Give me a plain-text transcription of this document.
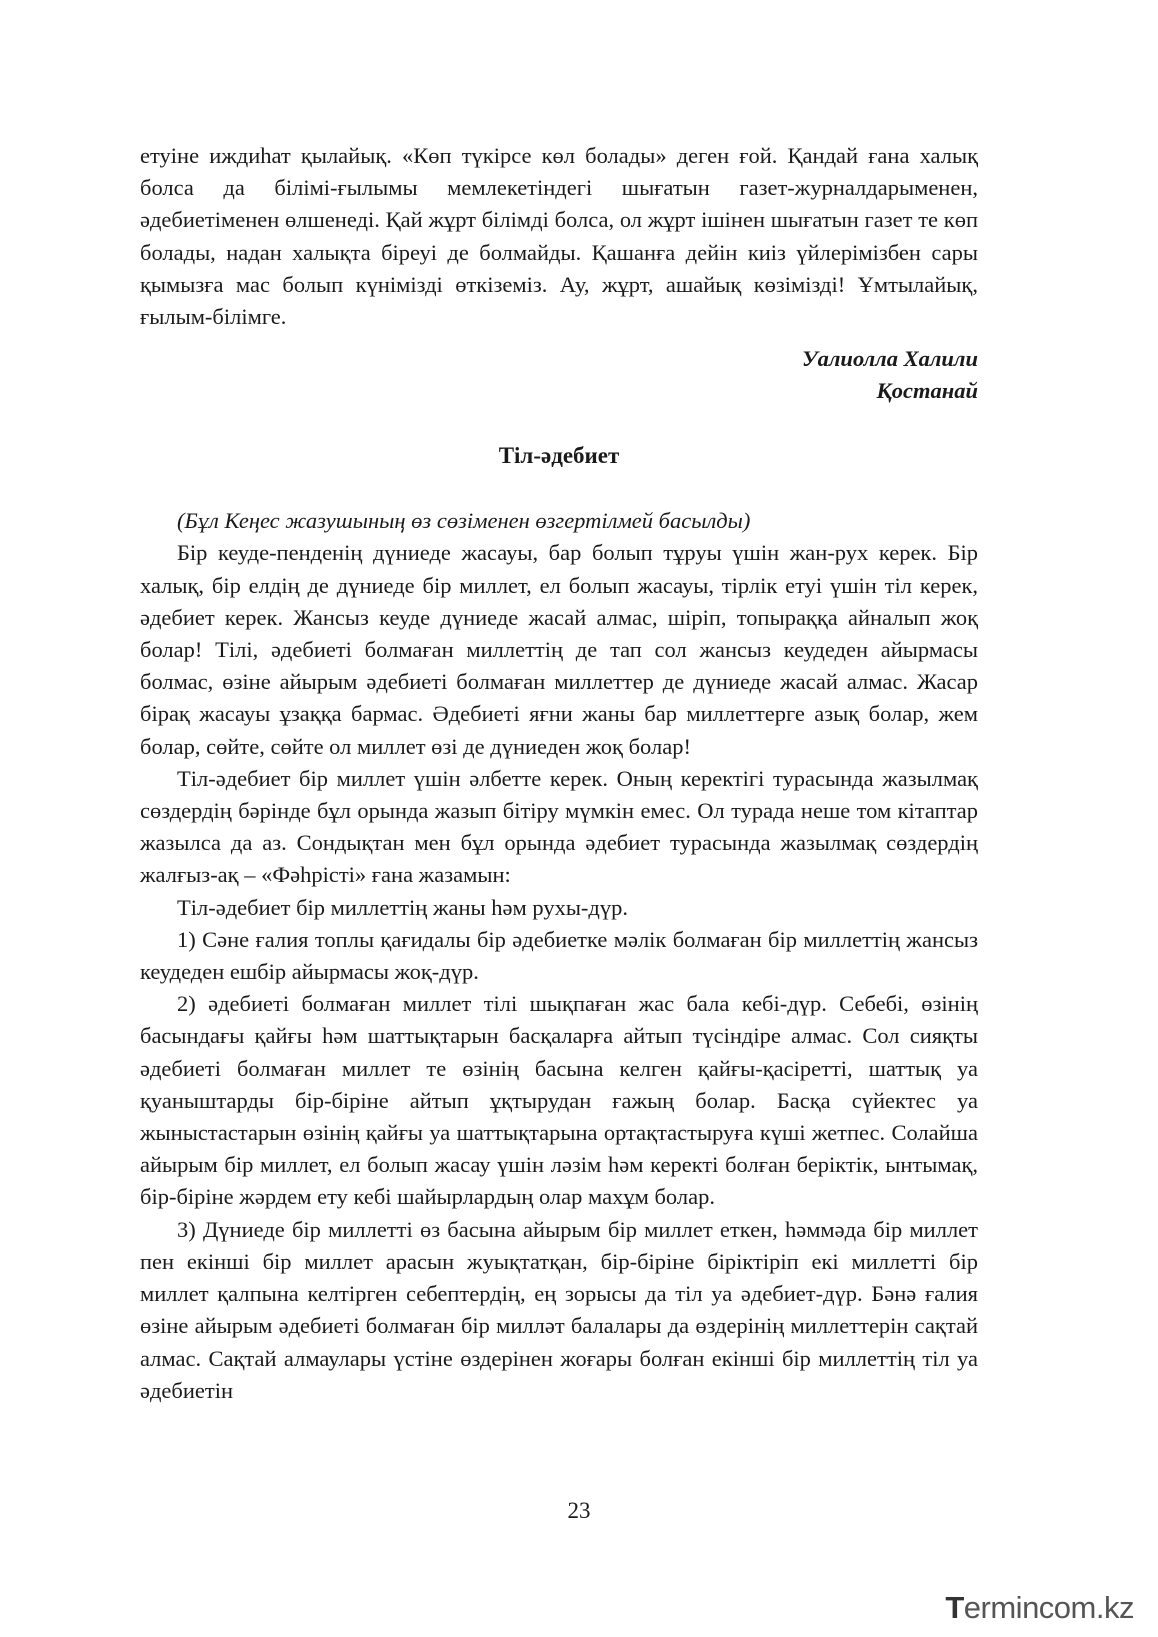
етуіне иждиһат қылайық. «Көп түкірсе көл болады» деген ғой. Қандай ғана халық болса да білімі-ғылымы мемлекетіндегі шығатын газет-журналдарыменен, әдебиетіменен өлшенеді. Қай жұрт білімді болса, ол жұрт ішінен шығатын газет те көп болады, надан халықта біреуі де болмайды. Қашанға дейін киіз үйлерімізбен сары қымызға мас болып күнімізді өткіземіз. Ау, жұрт, ашайық көзімізді! Ұмтылайық, ғылым-білімге.

Уалиолла Халили
Қостанай
Тіл-әдебиет

(Бұл Кеңес жазушының өз сөзіменен өзгертілмей басылды)

Бір кеуде-пенденің дүниеде жасауы, бар болып тұруы үшін жан-рух керек. Бір халық, бір елдің де дүниеде бір миллет, ел болып жасауы, тірлік етуі үшін тіл керек, әдебиет керек. Жансыз кеуде дүниеде жасай алмас, шіріп, топыраққа айналып жоқ болар! Тілі, әдебиеті болмаған миллеттің де тап сол жансыз кеудеден айырмасы болмас, өзіне айырым әдебиеті болмаған миллеттер де дүниеде жасай алмас. Жасар бірақ жасауы ұзаққа бармас. Әдебиеті яғни жаны бар миллеттерге азық болар, жем болар, сөйте, сөйте ол миллет өзі де дүниеден жоқ болар!

Тіл-әдебиет бір миллет үшін әлбетте керек. Оның керектігі турасында жазылмақ сөздердің бәрінде бұл орында жазып бітіру мүмкін емес. Ол турада неше том кітаптар жазылса да аз. Сондықтан мен бұл орында әдебиет турасында жазылмақ сөздердің жалғыз-ақ – «Фәһрісті» ғана жазамын:

Тіл-әдебиет бір миллеттің жаны һәм рухы-дүр.

1) Сәне ғалия топлы қағидалы бір әдебиетке мәлік болмаған бір миллеттің жансыз кеудеден ешбір айырмасы жоқ-дүр.

2) әдебиеті болмаған миллет тілі шықпаған жас бала кебі-дүр. Себебі, өзінің басындағы қайғы һәм шаттықтарын басқаларға айтып түсіндіре алмас. Сол сияқты әдебиеті болмаған миллет те өзінің басына келген қайғы-қасіретті, шаттық уа қуаныштарды бір-біріне айтып ұқтырудан ғажың болар. Басқа сүйектес уа жыныстастарын өзінің қайғы уа шаттықтарына ортақтастыруға күші жетпес. Солайша айырым бір миллет, ел болып жасау үшін ләзім һәм керекті болған беріктік, ынтымақ, бір-біріне жәрдем ету кебі шайырлардың олар махұм болар.

3) Дүниеде бір миллетті өз басына айырым бір миллет еткен, һәммәда бір миллет пен екінші бір миллет арасын жуықтатқан, бір-біріне біріктіріп екі миллетті бір миллет қалпына келтірген себептердің, ең зорысы да тіл уа әдебиет-дүр. Бәнә ғалия өзіне айырым әдебиеті болмаған бір милләт балалары да өздерінің миллеттерін сақтай алмас. Сақтай алмаулары үстіне өздерінен жоғары болған екінші бір миллеттің тіл уа әдебиетін

23
Termincom.kz
